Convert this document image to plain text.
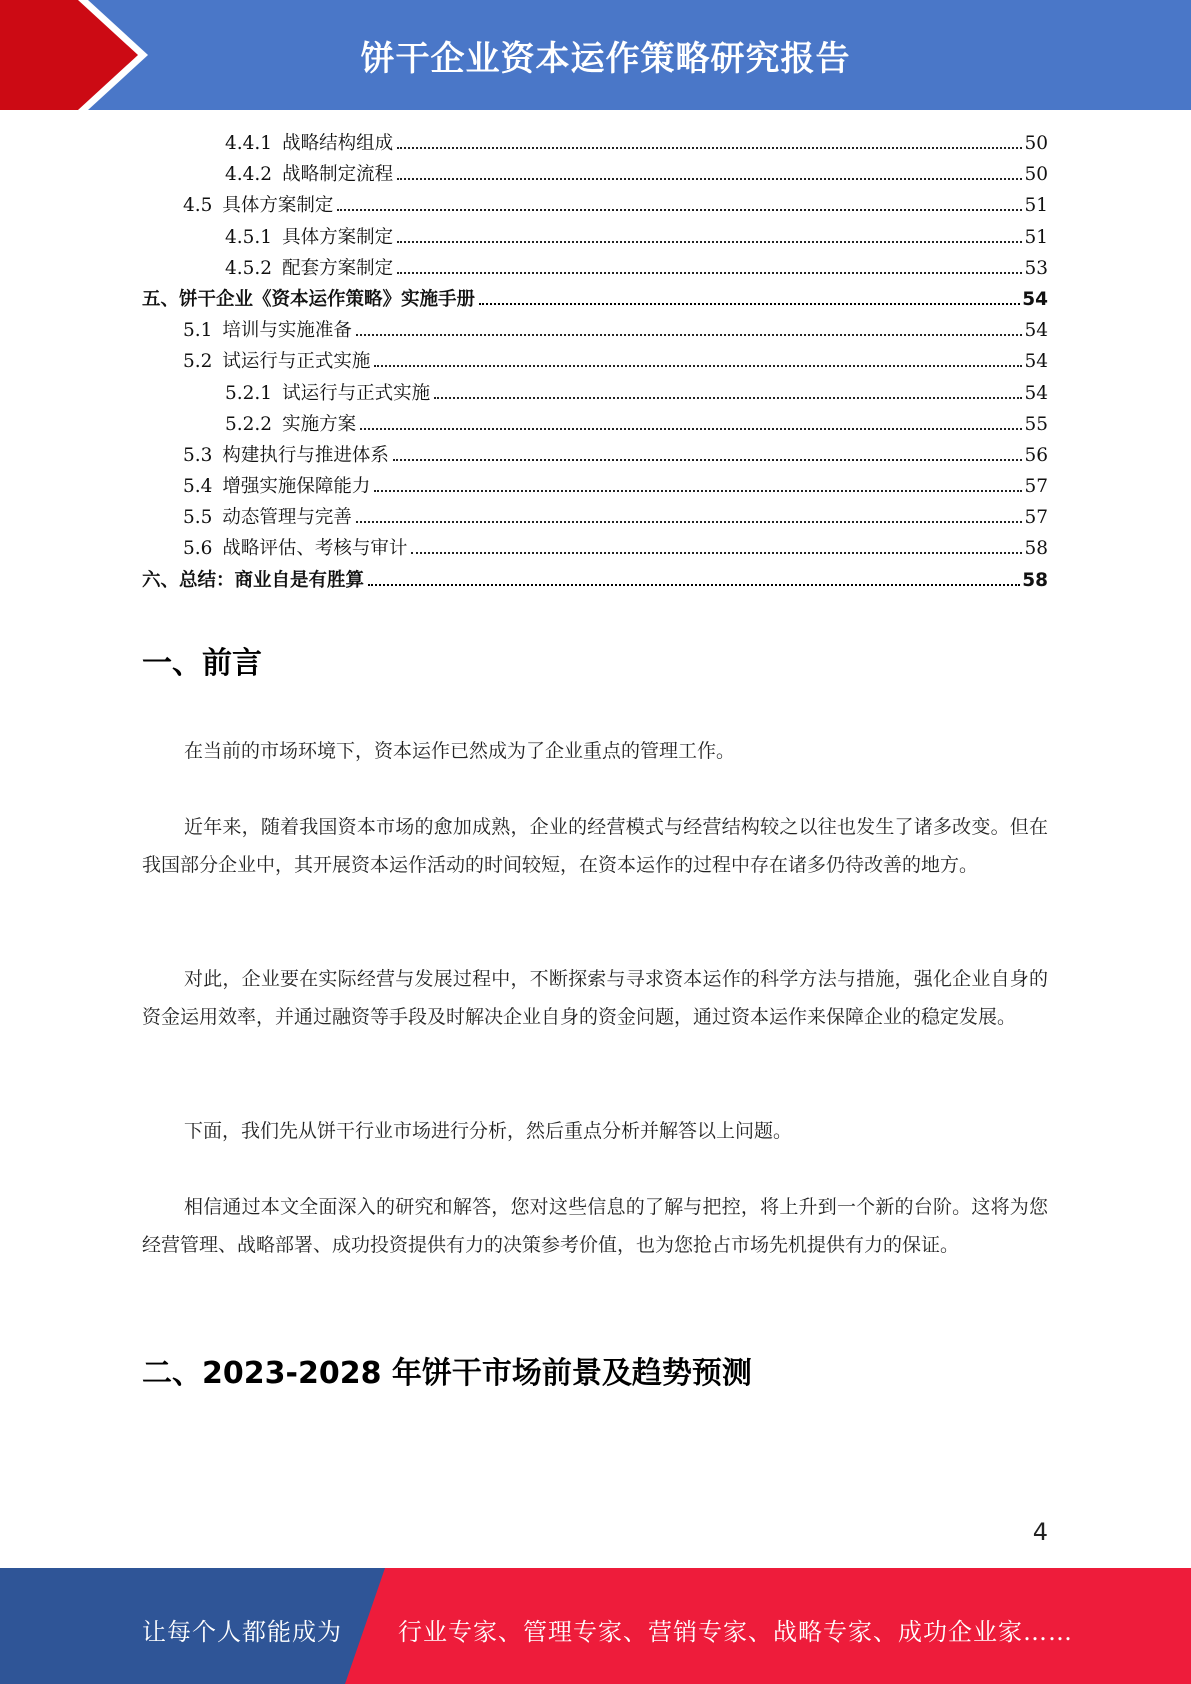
饼干企业资本运作策略研究报告
4.4.1 战略结构组成	50
4.4.2 战略制定流程	50
4.5 具体方案制定	51
4.5.1 具体方案制定	51
4.5.2 配套方案制定	53
五、 饼干企业《资本运作策略》实施手册	54
5.1 培训与实施准备	54
5.2 试运行与正式实施	54
5.2.1 试运行与正式实施	54
5.2.2 实施方案	55
5.3 构建执行与推进体系	56
5.4 增强实施保障能力	57
5.5 动态管理与完善	57
5.6 战略评估、考核与审计	58
六、 总结：商业自是有胜算	58
一、前言
在当前的市场环境下，资本运作已然成为了企业重点的管理工作。
近年来，随着我国资本市场的愈加成熟，企业的经营模式与经营结构较之以往也发生了诸多改变。但在我国部分企业中，其开展资本运作活动的时间较短，在资本运作的过程中存在诸多仍待改善的地方。
对此，企业要在实际经营与发展过程中，不断探索与寻求资本运作的科学方法与措施，强化企业自身的资金运用效率，并通过融资等手段及时解决企业自身的资金问题，通过资本运作来保障企业的稳定发展。
下面，我们先从饼干行业市场进行分析，然后重点分析并解答以上问题。
相信通过本文全面深入的研究和解答，您对这些信息的了解与把控，将上升到一个新的台阶。这将为您经营管理、战略部署、成功投资提供有力的决策参考价值，也为您抢占市场先机提供有力的保证。
二、2023-2028 年饼干市场前景及趋势预测
4
让每个人都能成为 行业专家、管理专家、营销专家、战略专家、成功企业家……
